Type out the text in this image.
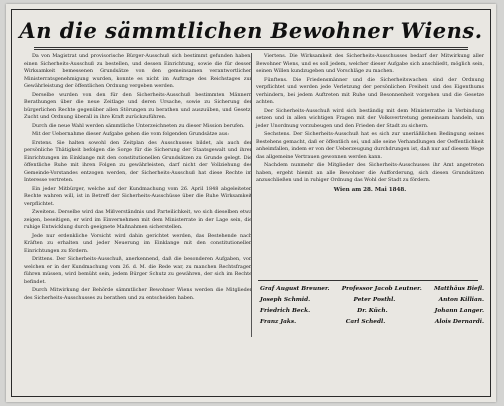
An die sämmtlichen Bewohner Wiens.

Da von Magistrat und provisorische Bürger-Ausschuß sich bestimmt gefunden haben, einen Sicherheits-Ausschuß zu bestellen, und dessen Einrichtung, sowie die für dessen Wirksamkeit bemessenen Grundsätze von den gemeinsamen verantwortlichen Ministerratsgenehmigung wurden, konnte es nicht im Auftrage des Reichstages zur Gewährleistung der öffentlichen Ordnung vergeben werden.

Derselbe wurden von den für den Sicherheits-Ausschuß bestimmten Männern Berathungen über die neue Zeitlage und deren Ursache, sowie zu Sicherung der bürgerlichen Rechte gegenüber allen Störungen zu berathen und auszuüben, und Gesetz, Zucht und Ordnung überall in ihre Kraft zurückzuführen.

Durch die neue Wahl werden sämmtliche Unterzeichneten zu dieser Mission berufen.

Mit der Uebernahme dieser Aufgabe gehen die vom folgenden Grundsätze aus:

Erstens. Sie halten sowohl den Zeitplan des Ausschusses bildet, als auch der persönliche Thätigkeit befolgen die Sorge für die Sicherung der Staatsgewalt und ihrer Einrichtungen im Einklange mit den constitutionellen Grundsätzen zu Grunde gelegt. Die öffentliche Ruhe mit ihren Folgen zu gewährleisten, darf nicht der Vollziehung des Gemeinde-Vorstandes entzogen werden, der Sicherheits-Ausschuß hat diese Rechte im Interesse vertreten.

Ein jeder Mitbürger, welche auf der Kundmachung vom 26. April 1848 abgeleiteten Rechte wahren will, ist in Betreff der Sicherheits-Ausschüsse über die Ruhe Wirksamkeit verpflichtet.

Zweitens. Derselbe wird das Mißverständnis und Parteilichkeit, wo sich dieselben etwa zeigen, beseitigen, er wird im Einvernehmen mit dem Ministerrate in der Lage sein, die ruhige Entwicklung durch geeignete Maßnahmen sicherstellen.

Jede nur erdenkliche Vorsicht wird dahin gerichtet werden, das Bestehende nach Kräften zu erhalten und jeder Neuerung im Einklange mit den constitutionellen Einrichtungen zu fördern.

Drittens. Der Sicherheits-Ausschuß, anerkennend, daß die besonderen Aufgaben, von welchen er in der Kundmachung vom 26. d. M. die Rede war, zu manchen Rechtsfragen führen müssen, wird bemüht sein, jedem Bürger Schutz zu gewähren, der sich im Rechte befindet.

Durch Mitwirkung der Behörde sämmtlicher Bewohner Wiens werden die Mitglieder des Sicherheits-Ausschusses zu berathen und zu entscheiden haben.

Viertens. Die Wirksamkeit des Sicherheits-Ausschusses bedarf der Mitwirkung aller Bewohner Wiens, und es soll jedem, welcher dieser Aufgabe sich anschließt, möglich sein, seinen Willen kundzugeben und Vorschläge zu machen.

Fünftens. Die Friedensmänner und die Sicherheitswachen sind der Ordnung verpflichtet und werden jede Verletzung der persönlichen Freiheit und des Eigenthums verhindern, bei jedem Auftreten mit Ruhe und Besonnenheit vorgehen und die Gesetze achten.

Der Sicherheits-Ausschuß wird sich beständig mit dem Ministerrathe in Verbindung setzen und in allen wichtigen Fragen mit der Volksvertretung gemeinsam handeln, um jeder Unordnung vorzubeugen und den Frieden der Stadt zu sichern.

Sechstens. Der Sicherheits-Ausschuß hat es sich zur unerläßlichen Bedingung seines Bestehens gemacht, daß er öffentlich sei, und alle seine Verhandlungen der Oeffentlichkeit anheimfallen, indem er von der Ueberzeugung durchdrungen ist, daß nur auf diesem Wege das allgemeine Vertrauen gewonnen werden kann.

Nachdem nunmehr die Mitglieder des Sicherheits-Ausschusses ihr Amt angetreten haben, ergeht hiemit an alle Bewohner die Aufforderung, sich diesen Grundsätzen anzuschließen und in ruhiger Ordnung das Wohl der Stadt zu fördern.

Wien am 28. Mai 1848.
Graf August Breuner. Professor Jacob Leutner. Matthäus Biefl.
Joseph Schmid.	Peter Posthl.	Anton Killian.
Friedrich Beck.	Dr. Küch.	Johann Langer.
Franz Jaks.	Carl Schedl.	Alois Dernardi.
